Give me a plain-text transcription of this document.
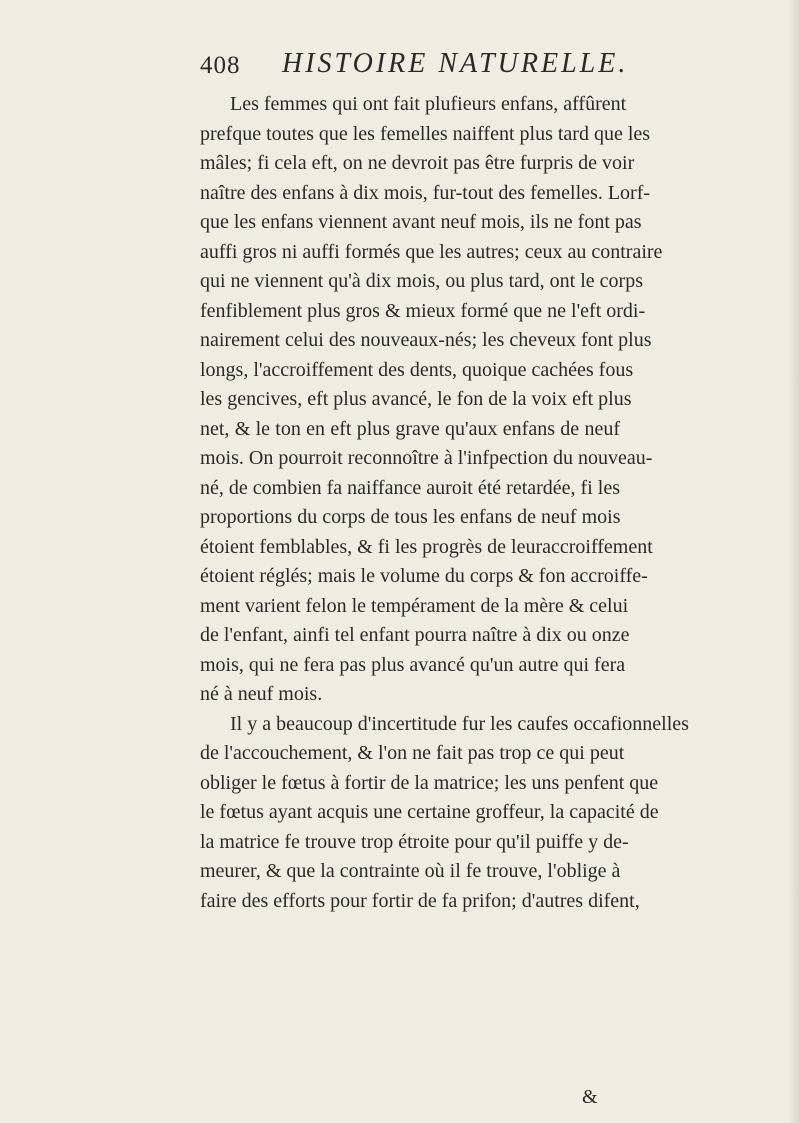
408 HISTOIRE NATURELLE.
Les femmes qui ont fait plufieurs enfans, affûrent
prefque toutes que les femelles naiffent plus tard que les
mâles; fi cela eft, on ne devroit pas être furpris de voir
naître des enfans à dix mois, fur-tout des femelles. Lorf-
que les enfans viennent avant neuf mois, ils ne font pas
auffi gros ni auffi formés que les autres; ceux au contraire
qui ne viennent qu'à dix mois, ou plus tard, ont le corps
fenfiblement plus gros & mieux formé que ne l'eft ordi-
nairement celui des nouveaux-nés; les cheveux font plus
longs, l'accroiffement des dents, quoique cachées fous
les gencives, eft plus avancé, le fon de la voix eft plus
net, & le ton en eft plus grave qu'aux enfans de neuf
mois. On pourroit reconnoître à l'infpection du nouveau-
né, de combien fa naiffance auroit été retardée, fi les
proportions du corps de tous les enfans de neuf mois
étoient femblables, & fi les progrès de leuraccroiffement
étoient réglés; mais le volume du corps & fon accroiffe-
ment varient felon le tempérament de la mère & celui
de l'enfant, ainfi tel enfant pourra naître à dix ou onze
mois, qui ne fera pas plus avancé qu'un autre qui fera
né à neuf mois.
Il y a beaucoup d'incertitude fur les caufes occafionnelles
de l'accouchement, & l'on ne fait pas trop ce qui peut
obliger le fœtus à fortir de la matrice; les uns penfent que
le fœtus ayant acquis une certaine groffeur, la capacité de
la matrice fe trouve trop étroite pour qu'il puiffe y de-
meurer, & que la contrainte où il fe trouve, l'oblige à
faire des efforts pour fortir de fa prifon; d'autres difent,
&
